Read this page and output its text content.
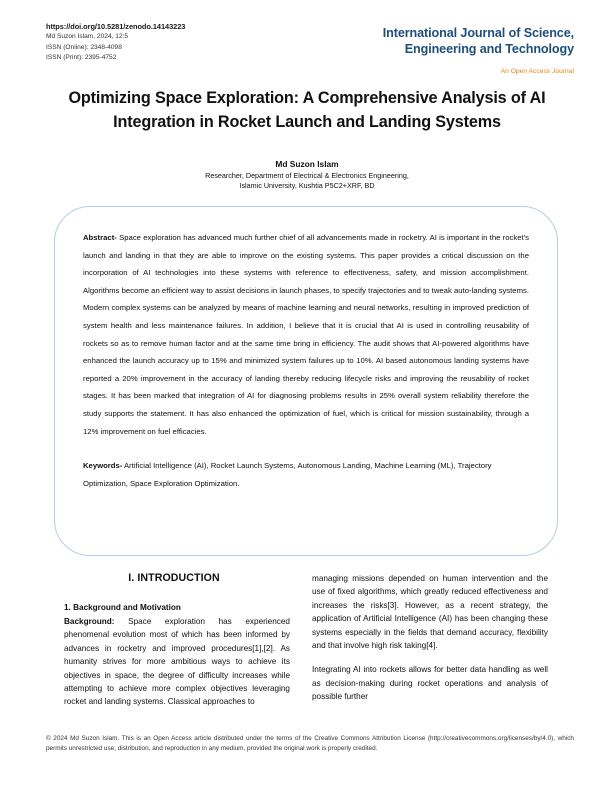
https://doi.org/10.5281/zenodo.14143223
Md Suzon Islam, 2024, 12:5
ISSN (Online): 2348-4098
ISSN (Print): 2395-4752
International Journal of Science, Engineering and Technology
An Open Access Journal
Optimizing Space Exploration: A Comprehensive Analysis of AI Integration in Rocket Launch and Landing Systems
Md Suzon Islam
Researcher, Department of Electrical & Electronics Engineering,
Islamic University, Kushtia P5C2+XRF, BD

Abstract- Space exploration has advanced much further chief of all advancements made in rocketry. AI is important in the rocket's launch and landing in that they are able to improve on the existing systems. This paper provides a critical discussion on the incorporation of AI technologies into these systems with reference to effectiveness, safety, and mission accomplishment. Algorithms become an efficient way to assist decisions in launch phases, to specify trajectories and to tweak auto-landing systems. Modern complex systems can be analyzed by means of machine learning and neural networks, resulting in improved prediction of system health and less maintenance failures. In addition, I believe that it is crucial that AI is used in controlling reusability of rockets so as to remove human factor and at the same time bring in efficiency. The audit shows that AI-powered algorithms have enhanced the launch accuracy up to 15% and minimized system failures up to 10%. AI based autonomous landing systems have reported a 20% improvement in the accuracy of landing thereby reducing lifecycle risks and improving the reusability of rocket stages. It has been marked that integration of AI for diagnosing problems results in 25% overall system reliability therefore the study supports the statement. It has also enhanced the optimization of fuel, which is critical for mission sustainability, through a 12% improvement on fuel efficacies.

Keywords- Artificial Intelligence (AI), Rocket Launch Systems, Autonomous Landing, Machine Learning (ML), Trajectory Optimization, Space Exploration Optimization.

I. INTRODUCTION
1. Background and Motivation

Background: Space exploration has experienced phenomenal evolution most of which has been informed by advances in rocketry and improved procedures[1],[2]. As humanity strives for more ambitious ways to achieve its objectives in space, the degree of difficulty increases while attempting to achieve more complex objectives leveraging rocket and landing systems. Classical approaches to

managing missions depended on human intervention and the use of fixed algorithms, which greatly reduced effectiveness and increases the risks[3]. However, as a recent strategy, the application of Artificial Intelligence (AI) has been changing these systems especially in the fields that demand accuracy, flexibility and that involve high risk taking[4].

Integrating AI into rockets allows for better data handling as well as decision-making during rocket operations and analysis of possible further

© 2024 Md Suzon Islam. This is an Open Access article distributed under the terms of the Creative Commons Attribution License (http://creativecommons.org/licenses/by/4.0), which permits unrestricted use, distribution, and reproduction in any medium, provided the original work is properly credited.
